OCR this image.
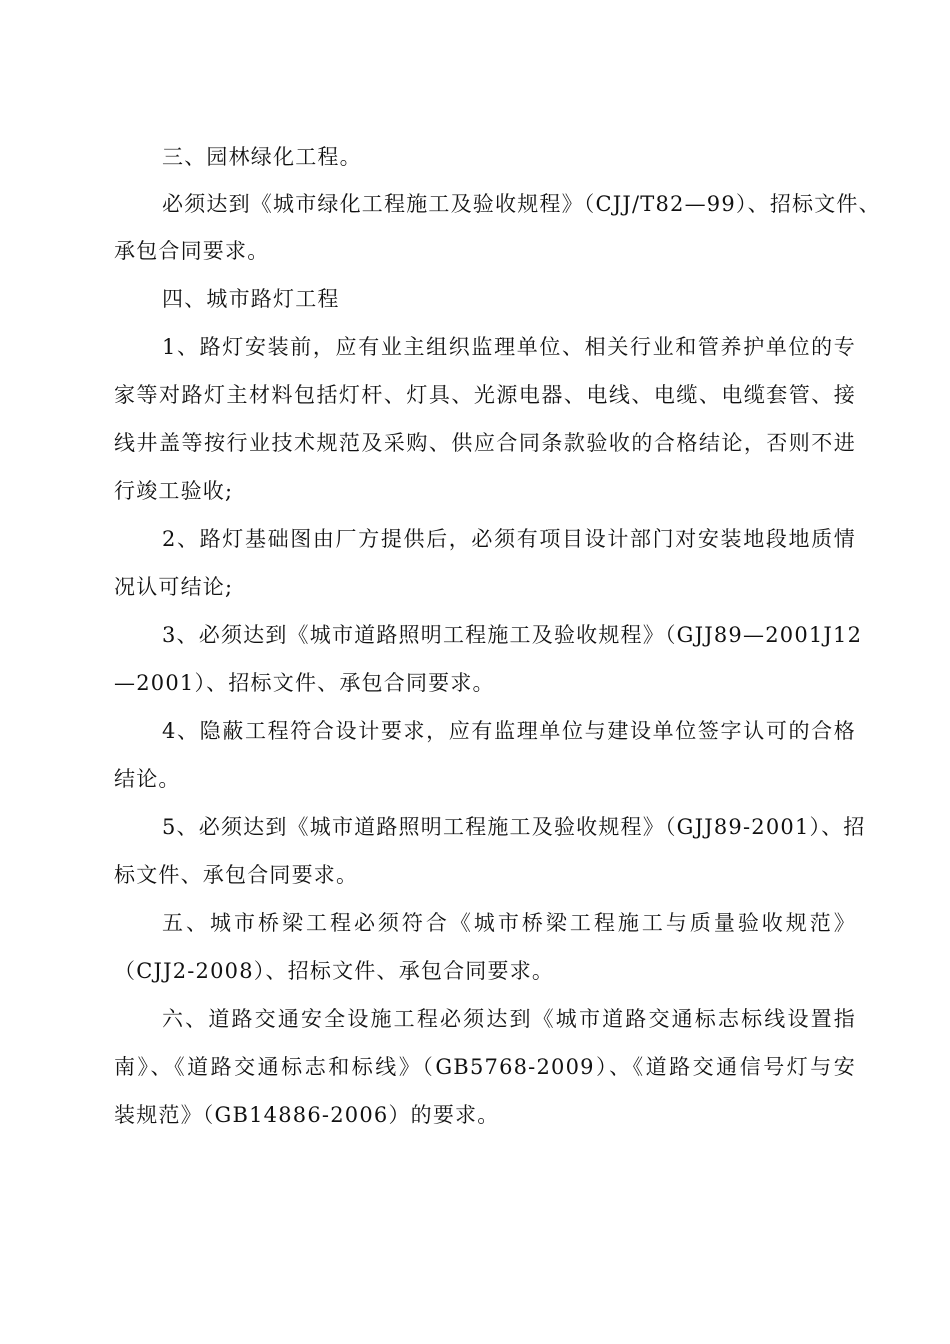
三、园林绿化工程。
必须达到《城市绿化工程施工及验收规程》（CJJ/T82—99）、招标文件、
承包合同要求。
四、城市路灯工程
1、路灯安装前，应有业主组织监理单位、相关行业和管养护单位的专
家等对路灯主材料包括灯杆、灯具、光源电器、电线、电缆、电缆套管、接
线井盖等按行业技术规范及采购、供应合同条款验收的合格结论，否则不进
行竣工验收;
2、路灯基础图由厂方提供后，必须有项目设计部门对安装地段地质情
况认可结论;
3、必须达到《城市道路照明工程施工及验收规程》（GJJ89—2001J12
—2001）、招标文件、承包合同要求。
4、隐蔽工程符合设计要求，应有监理单位与建设单位签字认可的合格
结论。
5、必须达到《城市道路照明工程施工及验收规程》（GJJ89-2001）、招
标文件、承包合同要求。
五、城市桥梁工程必须符合《城市桥梁工程施工与质量验收规范》
（CJJ2-2008）、招标文件、承包合同要求。
六、道路交通安全设施工程必须达到《城市道路交通标志标线设置指
南》、《道路交通标志和标线》（GB5768-2009）、《道路交通信号灯与安
装规范》（GB14886-2006）的要求。
